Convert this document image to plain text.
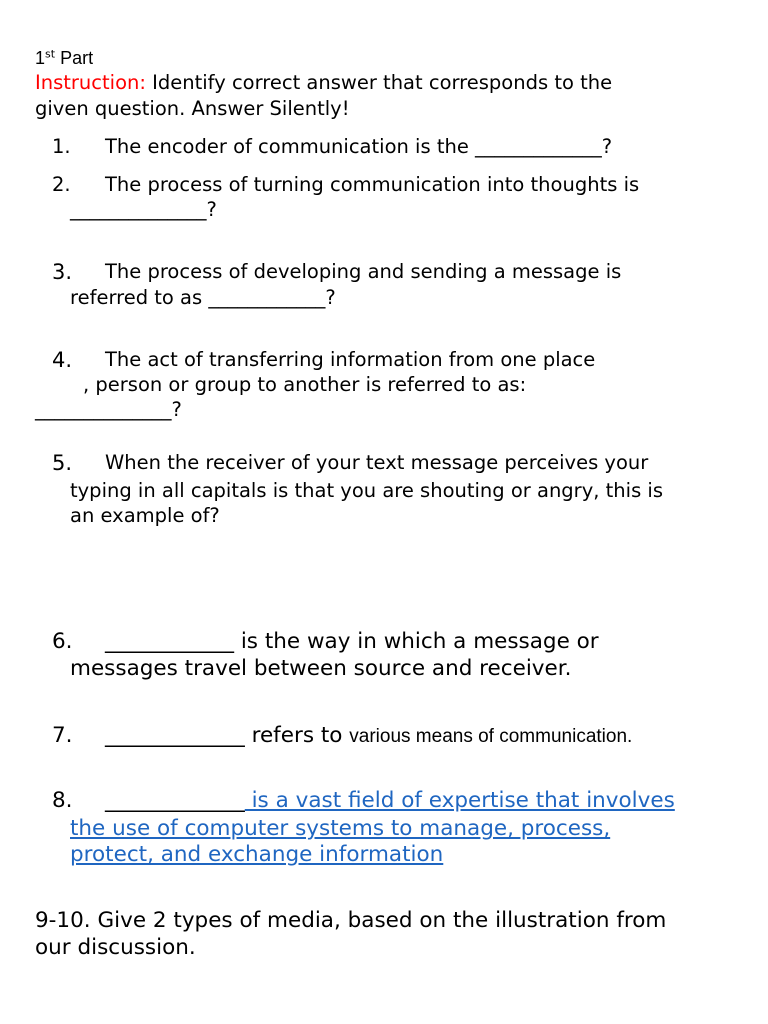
1st Part
Instruction: Identify correct answer that corresponds to the
given question. Answer Silently!
1. The encoder of communication is the _____________?
2. The process of turning communication into thoughts is
______________?
3. The process of developing and sending a message is
referred to as ____________?
4. The act of transferring information from one place
, person or group to another is referred to as:
______________?
5. When the receiver of your text message perceives your
typing in all capitals is that you are shouting or angry, this is
an example of?
6. ____________ is the way in which a message or
messages travel between source and receiver.
7. _____________ refers to various means of communication.
8. _____________ is a vast field of expertise that involves
the use of computer systems to manage, process,
protect, and exchange information
9-10. Give 2 types of media, based on the illustration from
our discussion.
